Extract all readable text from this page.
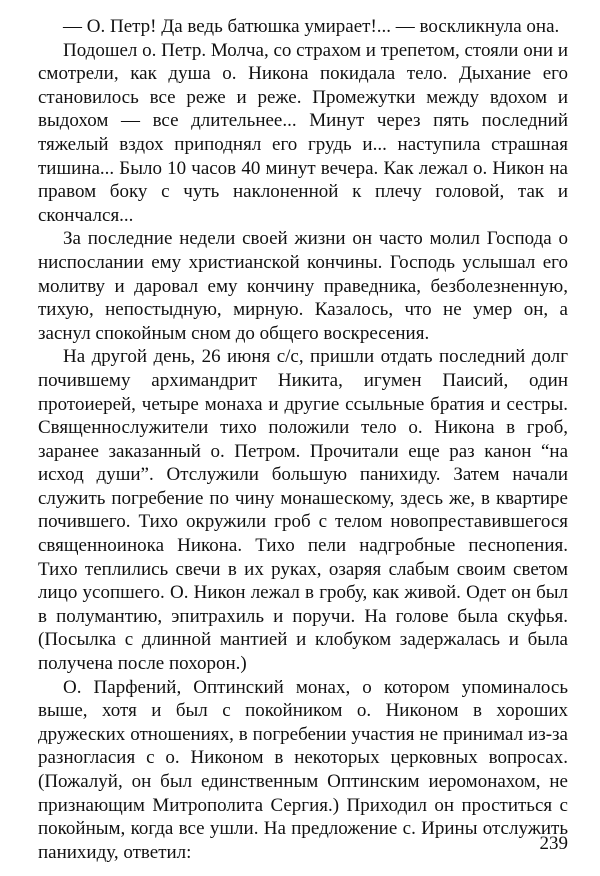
— О. Петр! Да ведь батюшка умирает!... — воскликнула она.

Подошел о. Петр. Молча, со страхом и трепетом, стояли они и смотрели, как душа о. Никона покидала тело. Дыхание его становилось все реже и реже. Промежутки между вдохом и выдохом — все длительнее... Минут через пять последний тяжелый вздох приподнял его грудь и... наступила страшная тишина... Было 10 часов 40 минут вечера. Как лежал о. Никон на правом боку с чуть наклоненной к плечу головой, так и скончался...

За последние недели своей жизни он часто молил Господа о ниспослании ему христианской кончины. Господь услышал его молитву и даровал ему кончину праведника, безболезненную, тихую, непостыдную, мирную. Казалось, что не умер он, а заснул спокойным сном до общего воскресения.

На другой день, 26 июня с/с, пришли отдать последний долг почившему архимандрит Никита, игумен Паисий, один протоиерей, четыре монаха и другие ссыльные братия и сестры. Священнослужители тихо положили тело о. Никона в гроб, заранее заказанный о. Петром. Прочитали еще раз канон “на исход души”. Отслужили большую панихиду. Затем начали служить погребение по чину монашескому, здесь же, в квартире почившего. Тихо окружили гроб с телом новопреставившегося священноинока Никона. Тихо пели надгробные песнопения. Тихо теплились свечи в их руках, озаряя слабым своим светом лицо усопшего. О. Никон лежал в гробу, как живой. Одет он был в полумантию, эпитрахиль и поручи. На голове была скуфья. (Посылка с длинной мантией и клобуком задержалась и была получена после похорон.)

О. Парфений, Оптинский монах, о котором упоминалось выше, хотя и был с покойником о. Никоном в хороших дружеских отношениях, в погребении участия не принимал из-за разногласия с о. Никоном в некоторых церковных вопросах. (Пожалуй, он был единственным Оптинским иеромонахом, не признающим Митрополита Сергия.) Приходил он проститься с покойным, когда все ушли. На предложение с. Ирины отслужить панихиду, ответил:	239
